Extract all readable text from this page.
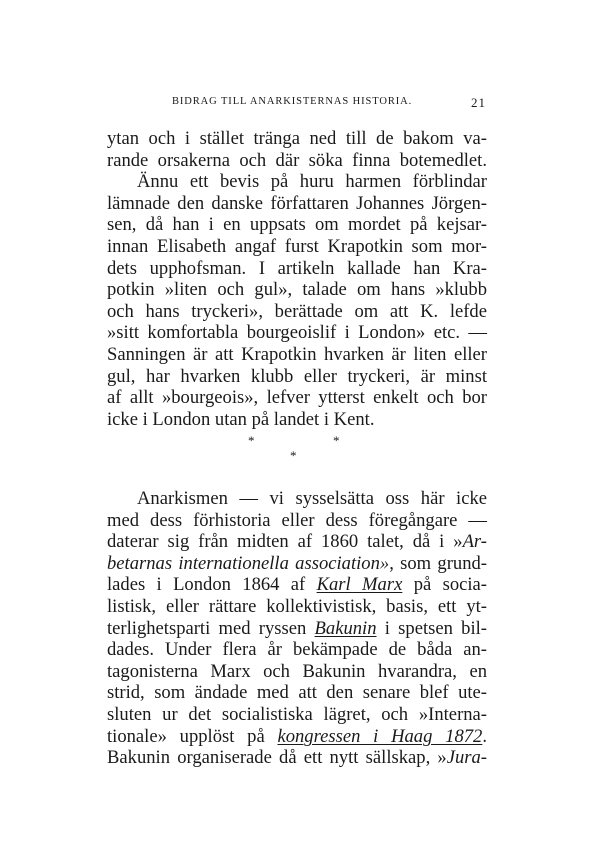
BIDRAG TILL ANARKISTERNAS HISTORIA.	21
ytan och i stället tränga ned till de bakom va-
rande orsakerna och där söka finna botemedlet.
Ännu ett bevis på huru harmen förblindar
lämnade den danske författaren Johannes Jörgen-
sen, då han i en uppsats om mordet på kejsar-
innan Elisabeth angaf furst Krapotkin som mor-
dets upphofsman. I artikeln kallade han Kra-
potkin »liten och gul», talade om hans »klubb
och hans tryckeri», berättade om att K. lefde
»sitt komfortabla bourgeoislif i London» etc. —
Sanningen är att Krapotkin hvarken är liten eller
gul, har hvarken klubb eller tryckeri, är minst
af allt »bourgeois», lefver ytterst enkelt och bor
icke i London utan på landet i Kent.
*	*
*
Anarkismen — vi sysselsätta oss här icke
med dess förhistoria eller dess föregångare —
daterar sig från midten af 1860 talet, då i »Ar-
betarnas internationella association», som grund-
lades i London 1864 af Karl Marx på socia-
listisk, eller rättare kollektivistisk, basis, ett yt-
terlighetsparti med ryssen Bakunin i spetsen bil-
dades. Under flera år bekämpade de båda an-
tagonisterna Marx och Bakunin hvarandra, en
strid, som ändade med att den senare blef ute-
sluten ur det socialistiska lägret, och »Interna-
tionale» upplöst på kongressen i Haag 1872.
Bakunin organiserade då ett nytt sällskap, »Jura-
